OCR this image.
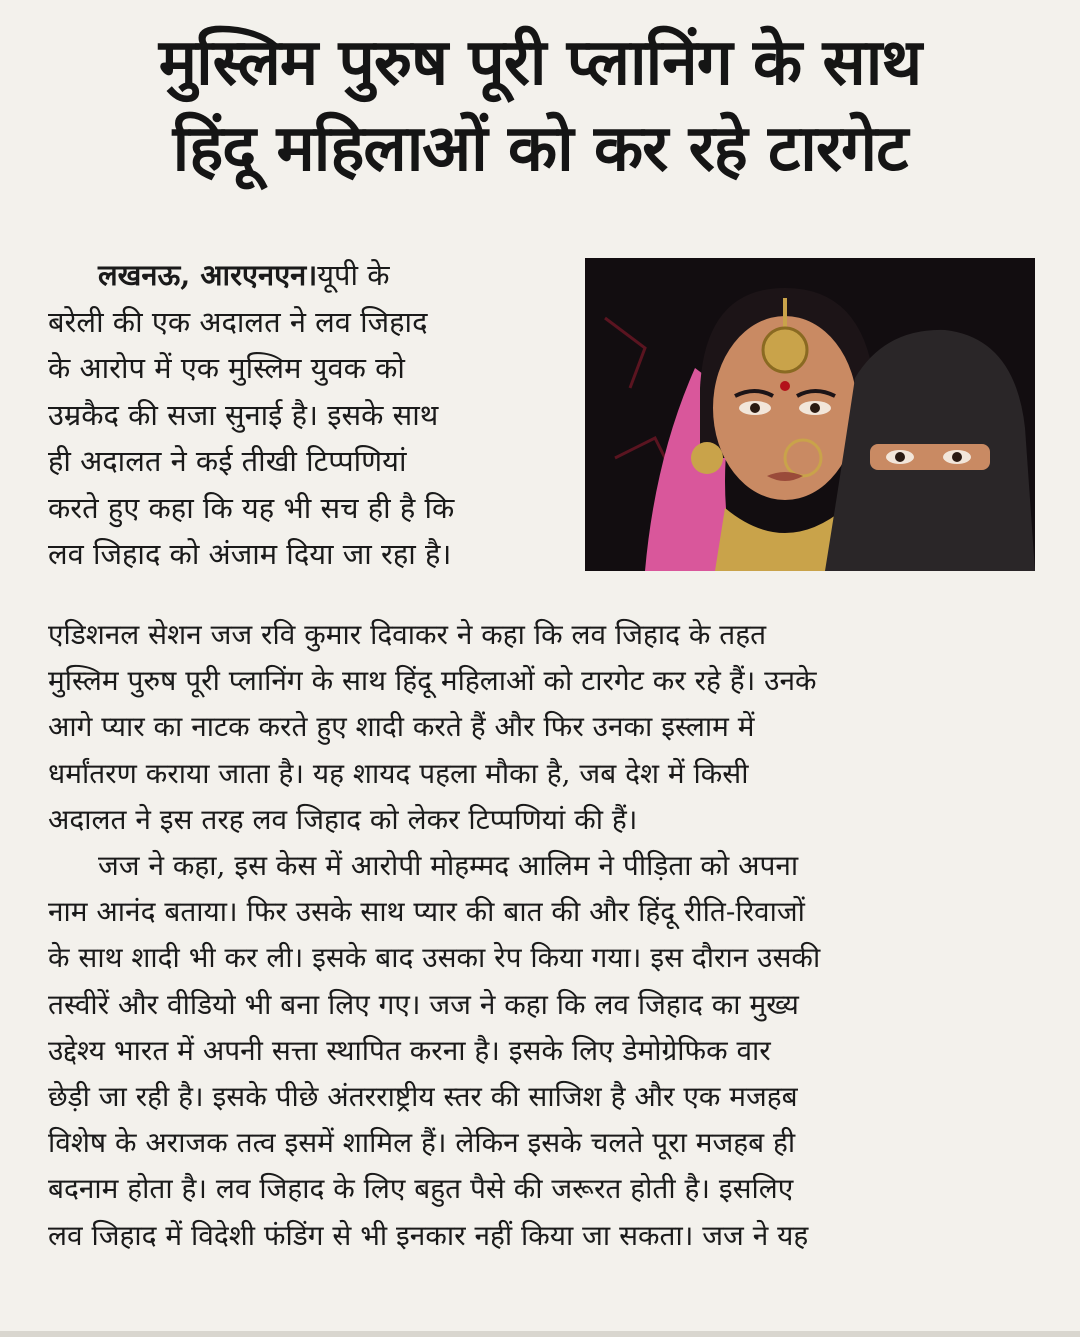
मुस्लिम पुरुष पूरी प्लानिंग के साथ
हिंदू महिलाओं को कर रहे टारगेट
लखनऊ, आरएनएन।यूपी के
बरेली की एक अदालत ने लव जिहाद
के आरोप में एक मुस्लिम युवक को
उम्रकैद की सजा सुनाई है। इसके साथ
ही अदालत ने कई तीखी टिप्पणियां
करते हुए कहा कि यह भी सच ही है कि
लव जिहाद को अंजाम दिया जा रहा है।
एडिशनल सेशन जज रवि कुमार दिवाकर ने कहा कि लव जिहाद के तहत
मुस्लिम पुरुष पूरी प्लानिंग के साथ हिंदू महिलाओं को टारगेट कर रहे हैं। उनके
आगे प्यार का नाटक करते हुए शादी करते हैं और फिर उनका इस्लाम में
धर्मांतरण कराया जाता है। यह शायद पहला मौका है, जब देश में किसी
अदालत ने इस तरह लव जिहाद को लेकर टिप्पणियां की हैं।
जज ने कहा, इस केस में आरोपी मोहम्मद आलिम ने पीड़िता को अपना
नाम आनंद बताया। फिर उसके साथ प्यार की बात की और हिंदू रीति-रिवाजों
के साथ शादी भी कर ली। इसके बाद उसका रेप किया गया। इस दौरान उसकी
तस्वीरें और वीडियो भी बना लिए गए। जज ने कहा कि लव जिहाद का मुख्य
उद्देश्य भारत में अपनी सत्ता स्थापित करना है। इसके लिए डेमोग्रेफिक वार
छेड़ी जा रही है। इसके पीछे अंतरराष्ट्रीय स्तर की साजिश है और एक मजहब
विशेष के अराजक तत्व इसमें शामिल हैं। लेकिन इसके चलते पूरा मजहब ही
बदनाम होता है। लव जिहाद के लिए बहुत पैसे की जरूरत होती है। इसलिए
लव जिहाद में विदेशी फंडिंग से भी इनकार नहीं किया जा सकता। जज ने यह
